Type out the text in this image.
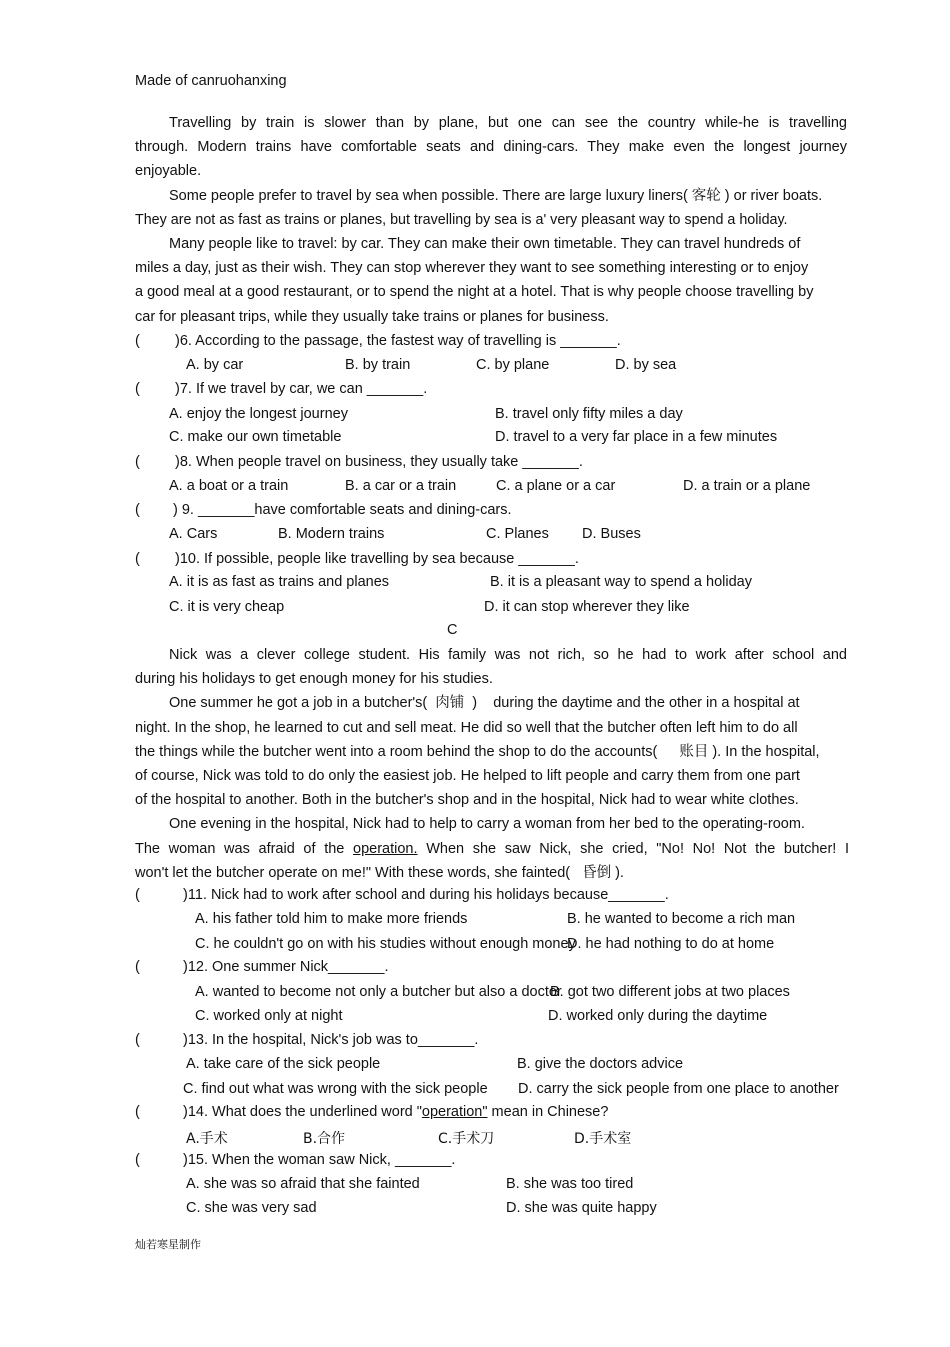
Made of canruohanxing

Travelling by train is slower than by plane, but one can see the country while-he is travelling

through. Modern trains have comfortable seats and dining-cars. They make even the longest journey

enjoyable.

Some people prefer to travel by sea when possible. There are large luxury liners( 客轮 ) or river boats.

They are not as fast as trains or planes, but travelling by sea is a' very pleasant way to spend a holiday.

Many people like to travel: by car. They can make their own timetable. They can travel hundreds of

miles a day, just as their wish. They can stop wherever they want to see something interesting or to enjoy

a good meal at a good restaurant, or to spend the night at a hotel. That is why people choose travelling by

car for pleasant trips, while they usually take trains or planes for business.

( )6. According to the passage, the fastest way of travelling is _______.
A. by car	B. by train	C. by plane	D. by sea
( )7. If we travel by car, we can _______.
A. enjoy the longest journey	B. travel only fifty miles a day
C. make our own timetable	D. travel to a very far place in a few minutes
( )8. When people travel on business, they usually take _______.
A. a boat or a train	B. a car or a train	C. a plane or a car	D. a train or a plane
( ) 9. _______have comfortable seats and dining-cars.
A. Cars	B. Modern trains	C. Planes D. Buses
( )10. If possible, people like travelling by sea because _______.
A. it is as fast as trains and planes	B. it is a pleasant way to spend a holiday
C. it is very cheap	D. it can stop wherever they like
C

Nick was a clever college student. His family was not rich, so he had to work after school and

during his holidays to get enough money for his studies.

One summer he got a job in a butcher's( 肉铺 ) during the daytime and the other in a hospital at

night. In the shop, he learned to cut and sell meat. He did so well that the butcher often left him to do all

the things while the butcher went into a room behind the shop to do the accounts( 账目 ). In the hospital,

of course, Nick was told to do only the easiest job. He helped to lift people and carry them from one part

of the hospital to another. Both in the butcher's shop and in the hospital, Nick had to wear white clothes.

One evening in the hospital, Nick had to help to carry a woman from her bed to the operating-room.

The woman was afraid of the operation. When she saw Nick, she cried, "No! No! Not the butcher! I

won't let the butcher operate on me!" With these words, she fainted( 昏倒 ).

(	)11. Nick had to work after school and during his holidays because_______.
A. his father told him to make more friends	B. he wanted to become a rich man
C. he couldn't go on with his studies without enough money
D. he had nothing to do at home
(	)12. One summer Nick_______.
A. wanted to become not only a butcher but also a doctor
B. got two different jobs at two places
C. worked only at night	D. worked only during the daytime
(	)13. In the hospital, Nick's job was to_______.
A. take care of the sick people	B. give the doctors advice
C. find out what was wrong with the sick people D. carry the sick people from one place to another
(	)14. What does the underlined word "operation" mean in Chinese?
A.手术	B.合作	C.手术刀	D.手术室
(	)15. When the woman saw Nick, _______.
A. she was so afraid that she fainted	B. she was too tired
C. she was very sad	D. she was quite happy
灿若寒星制作
